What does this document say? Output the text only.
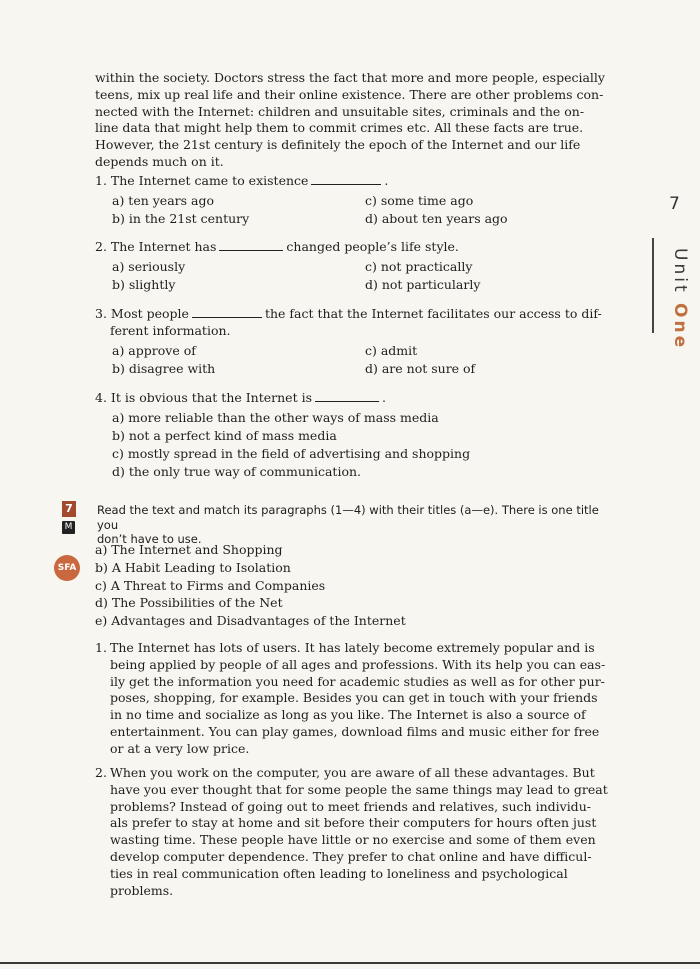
within the society. Doctors stress the fact that more and more people, especially
teens, mix up real life and their online existence. There are other problems con-
nected with the Internet: children and unsuitable sites, criminals and the on-
line data that might help them to commit crimes etc. All these facts are true.
However, the 21st century is definitely the epoch of the Internet and our life
depends much on it.

1. The Internet came to existence	.

a) ten years ago	c) some time ago
b) in the 21st century	d) about ten years ago

2. The Internet has	changed people’s life style.

a) seriously	c) not practically
b) slightly	d) not particularly

3. Most people	the fact that the Internet facilitates our access to dif-

ferent information.

a) approve of	c) admit
b) disagree with	d) are not sure of

4. It is obvious that the Internet is	.

a) more reliable than the other ways of mass media
b) not a perfect kind of mass media
c) mostly spread in the field of advertising and shopping
d) the only true way of communication.
7
M
SFA
Read the text and match its paragraphs (1—4) with their titles (a—e). There is one title you
don’t have to use.
a) The Internet and Shopping
b) A Habit Leading to Isolation
c) A Threat to Firms and Companies
d) The Possibilities of the Net
e) Advantages and Disadvantages of the Internet
1. The Internet has lots of users. It has lately become extremely popular and is
being applied by people of all ages and professions. With its help you can eas-
ily get the information you need for academic studies as well as for other pur-
poses, shopping, for example. Besides you can get in touch with your friends
in no time and socialize as long as you like. The Internet is also a source of
entertainment. You can play games, download films and music either for free
or at a very low price.
2. When you work on the computer, you are aware of all these advantages. But
have you ever thought that for some people the same things may lead to great
problems? Instead of going out to meet friends and relatives, such individu-
als prefer to stay at home and sit before their computers for hours often just
wasting time. These people have little or no exercise and some of them even
develop computer dependence. They prefer to chat online and have difficul-
ties in real communication often leading to loneliness and psychological
problems.
7
Unit One
